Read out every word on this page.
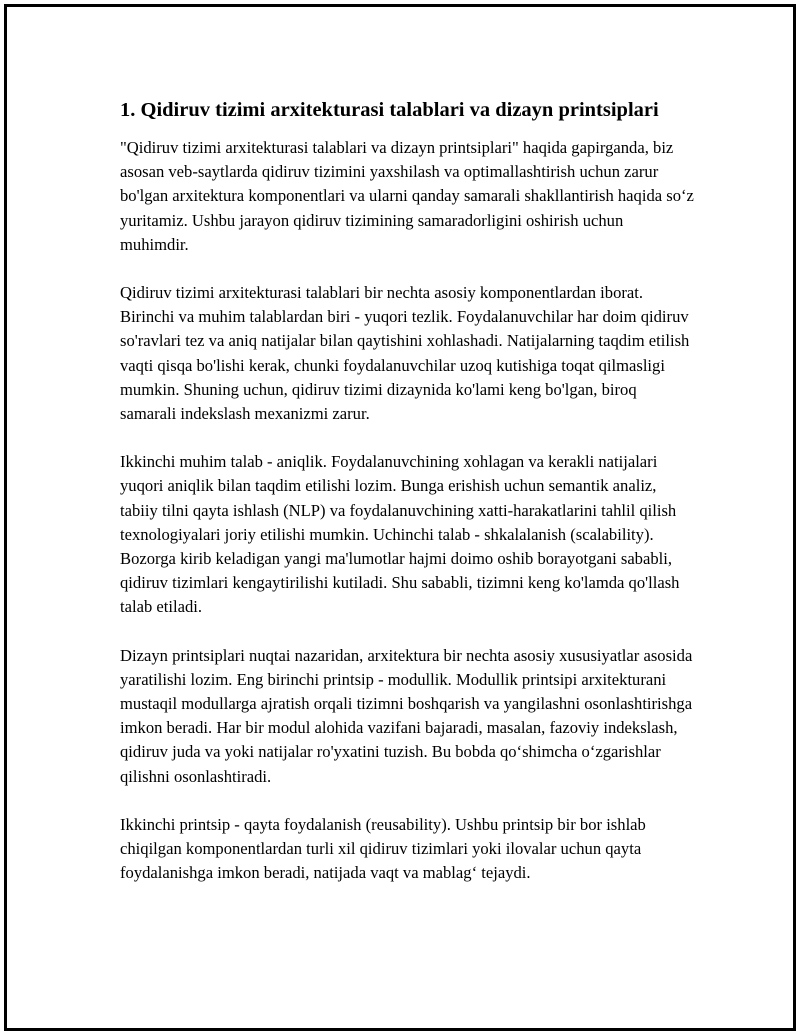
1. Qidiruv tizimi arxitekturasi talablari va dizayn printsiplari

"Qidiruv tizimi arxitekturasi talablari va dizayn printsiplari" haqida gapirganda, biz asosan veb-saytlarda qidiruv tizimini yaxshilash va optimallashtirish uchun zarur bo'lgan arxitektura komponentlari va ularni qanday samarali shakllantirish haqida so‘z yuritamiz. Ushbu jarayon qidiruv tizimining samaradorligini oshirish uchun muhimdir.

Qidiruv tizimi arxitekturasi talablari bir nechta asosiy komponentlardan iborat. Birinchi va muhim talablardan biri - yuqori tezlik. Foydalanuvchilar har doim qidiruv so'ravlari tez va aniq natijalar bilan qaytishini xohlashadi. Natijalarning taqdim etilish vaqti qisqa bo'lishi kerak, chunki foydalanuvchilar uzoq kutishiga toqat qilmasligi mumkin. Shuning uchun, qidiruv tizimi dizaynida ko'lami keng bo'lgan, biroq samarali indekslash mexanizmi zarur.

Ikkinchi muhim talab - aniqlik. Foydalanuvchining xohlagan va kerakli natijalari yuqori aniqlik bilan taqdim etilishi lozim. Bunga erishish uchun semantik analiz, tabiiy tilni qayta ishlash (NLP) va foydalanuvchining xatti-harakatlarini tahlil qilish texnologiyalari joriy etilishi mumkin. Uchinchi talab - shkalalanish (scalability). Bozorga kirib keladigan yangi ma'lumotlar hajmi doimo oshib borayotgani sababli, qidiruv tizimlari kengaytirilishi kutiladi. Shu sababli, tizimni keng ko'lamda qo'llash talab etiladi.

Dizayn printsiplari nuqtai nazaridan, arxitektura bir nechta asosiy xususiyatlar asosida yaratilishi lozim. Eng birinchi printsip - modullik. Modullik printsipi arxitekturani mustaqil modullarga ajratish orqali tizimni boshqarish va yangilashni osonlashtirishga imkon beradi. Har bir modul alohida vazifani bajaradi, masalan, fazoviy indekslash, qidiruv juda va yoki natijalar ro'yxatini tuzish. Bu bobda qo‘shimcha o‘zgarishlar qilishni osonlashtiradi.

Ikkinchi printsip - qayta foydalanish (reusability). Ushbu printsip bir bor ishlab chiqilgan komponentlardan turli xil qidiruv tizimlari yoki ilovalar uchun qayta foydalanishga imkon beradi, natijada vaqt va mablag‘ tejaydi.
